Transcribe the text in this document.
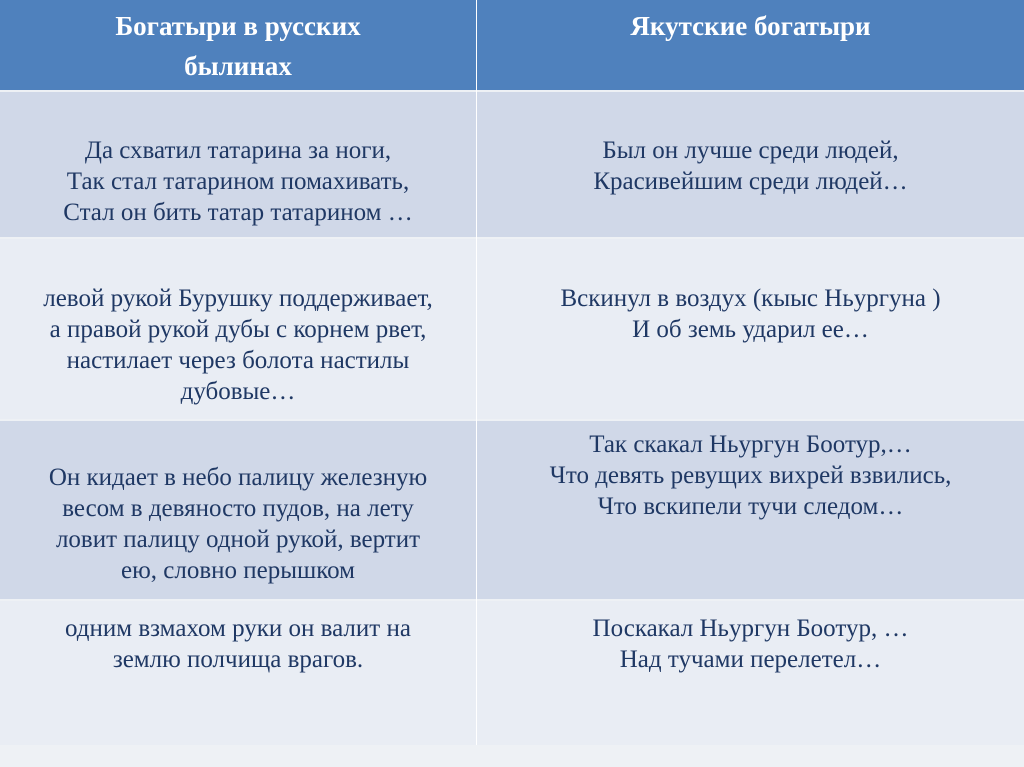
Богатыри в русских
былинах
Якутские богатыри
Да схватил татарина за ноги,
Так стал татарином помахивать,
Стал он бить татар татарином …
Был он лучше среди людей,
Красивейшим среди людей…
левой рукой Бурушку поддерживает,
а правой рукой дубы с корнем рвет,
настилает через болота настилы
дубовые…
Вскинул в воздух (кыыс Ньургуна )
И об земь ударил ее…
Он кидает в небо палицу железную
весом в девяносто пудов, на лету
ловит палицу одной рукой, вертит
ею, словно перышком
Так скакал Ньургун Боотур,…
Что девять ревущих вихрей взвились,
Что вскипели тучи следом…
одним взмахом руки он валит на
землю полчища врагов.
Поскакал Ньургун Боотур, …
Над тучами перелетел…
